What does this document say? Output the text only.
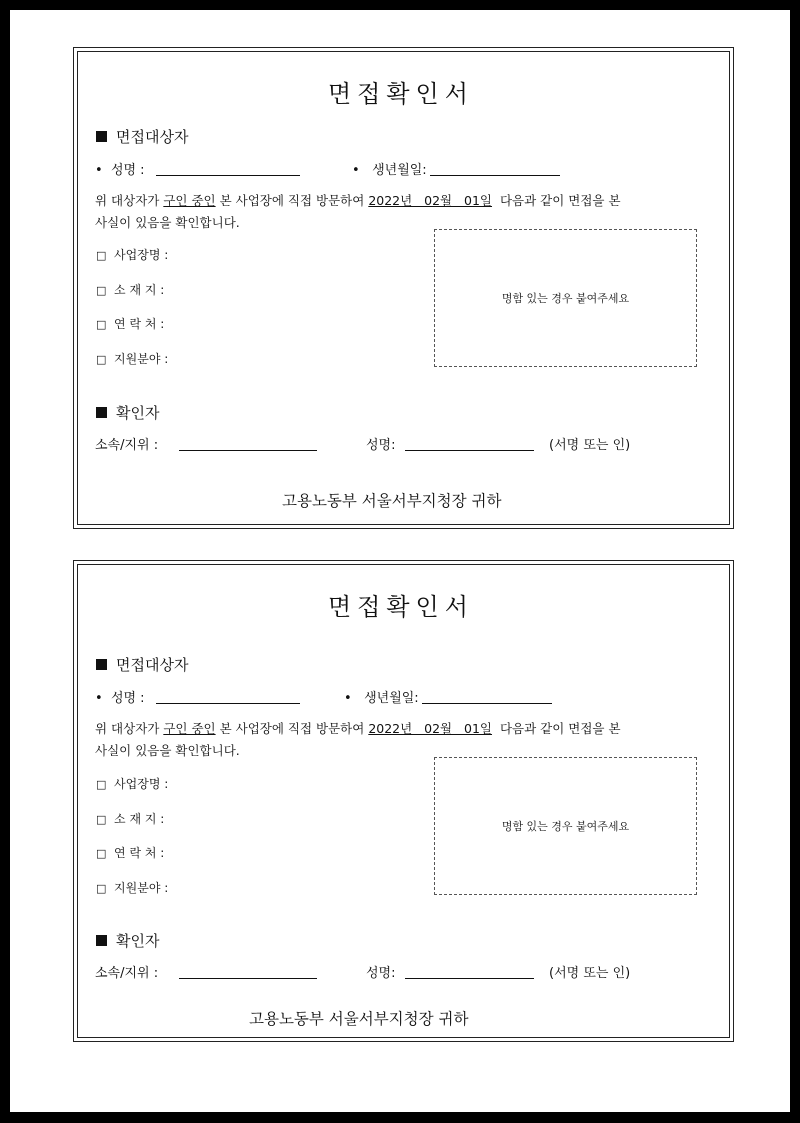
면접확인서
면접대상자
•  성명 :	•   생년월일:
위 대상자가 구인 중인 본 사업장에 직접 방문하여 2022년   02월   01일  다음과 같이 면접을 본
사실이 있음을 확인합니다.
□ 사업장명 :
□ 소 재 지 :
□ 연 락 처 :
□ 지원분야 :
명함 있는 경우 붙여주세요
확인자
소속/지위 :	성명:	(서명 또는 인)
고용노동부 서울서부지청장 귀하
면접확인서
면접대상자
•  성명 :	•   생년월일:
위 대상자가 구인 중인 본 사업장에 직접 방문하여 2022년   02월   01일  다음과 같이 면접을 본
사실이 있음을 확인합니다.
□ 사업장명 :
□ 소 재 지 :
□ 연 락 처 :
□ 지원분야 :
명함 있는 경우 붙여주세요
확인자
소속/지위 :	성명:	(서명 또는 인)
고용노동부 서울서부지청장 귀하
